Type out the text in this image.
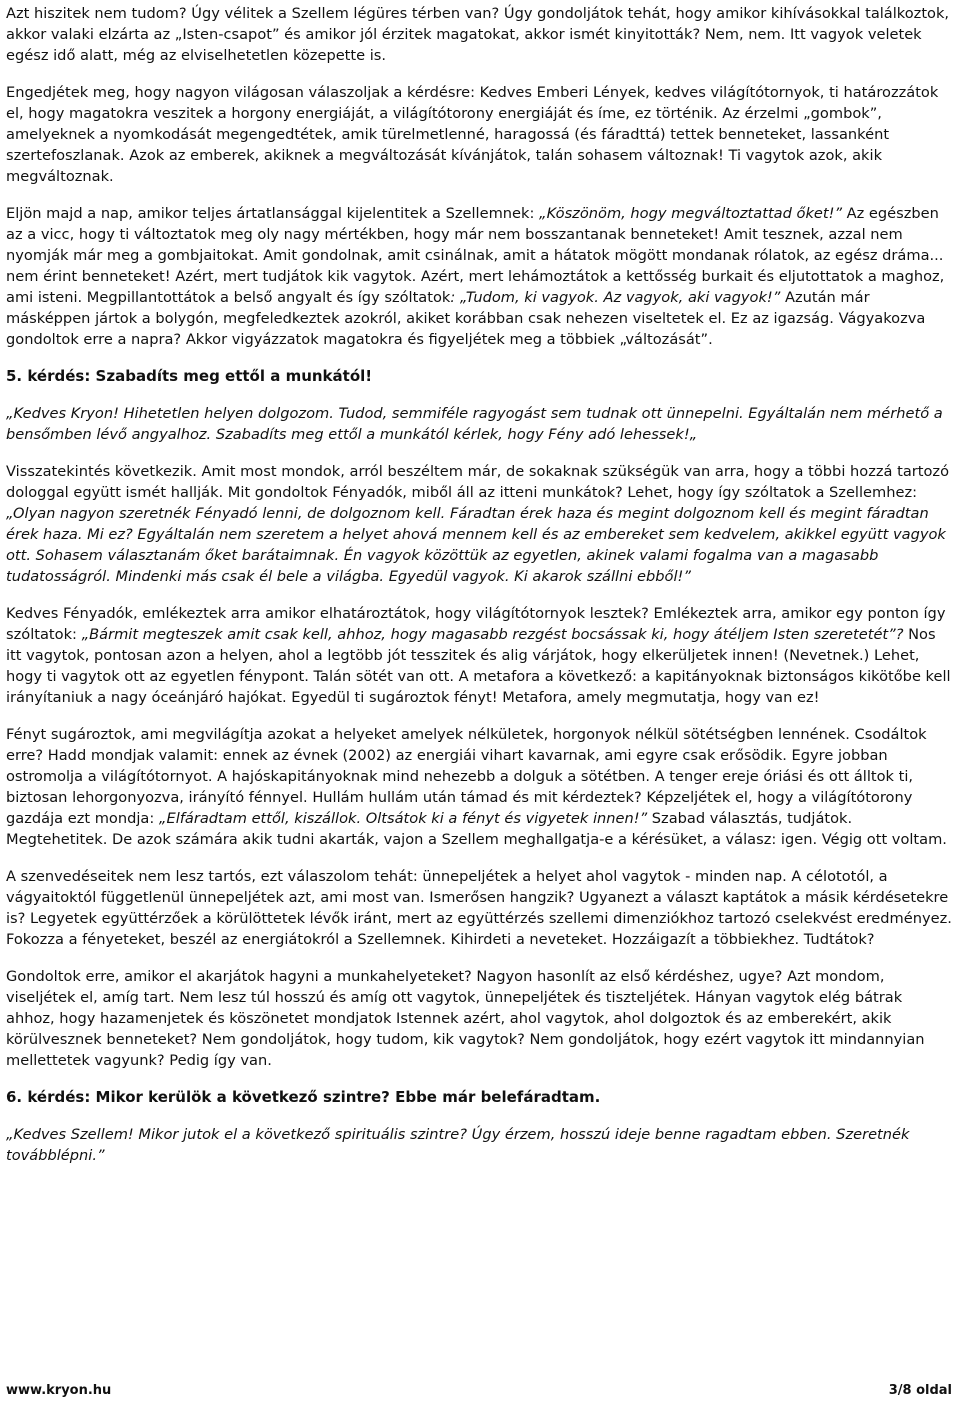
Azt hiszitek nem tudom? Úgy vélitek a Szellem légüres térben van? Úgy gondoljátok tehát, hogy amikor kihívásokkal találkoztok, akkor valaki elzárta az „Isten-csapot” és amikor jól érzitek magatokat, akkor ismét kinyitották? Nem, nem. Itt vagyok veletek egész idő alatt, még az elviselhetetlen közepette is.

Engedjétek meg, hogy nagyon világosan válaszoljak a kérdésre: Kedves Emberi Lények, kedves világítótornyok, ti határozzátok el, hogy magatokra veszitek a horgony energiáját, a világítótorony energiáját és íme, ez történik. Az érzelmi „gombok”, amelyeknek a nyomkodását megengedtétek, amik türelmetlenné, haragossá (és fáradttá) tettek benneteket, lassanként szertefoszlanak. Azok az emberek, akiknek a megváltozását kívánjátok, talán sohasem változnak! Ti vagytok azok, akik megváltoznak.

Eljön majd a nap, amikor teljes ártatlansággal kijelentitek a Szellemnek: „Köszönöm, hogy megváltoztattad őket!” Az egészben az a vicc, hogy ti változtatok meg oly nagy mértékben, hogy már nem bosszantanak benneteket! Amit tesznek, azzal nem nyomják már meg a gombjaitokat. Amit gondolnak, amit csinálnak, amit a hátatok mögött mondanak rólatok, az egész dráma... nem érint benneteket! Azért, mert tudjátok kik vagytok. Azért, mert lehámoztátok a kettősség burkait és eljutottatok a maghoz, ami isteni. Megpillantottátok a belső angyalt és így szóltatok: „Tudom, ki vagyok. Az vagyok, aki vagyok!” Azután már másképpen jártok a bolygón, megfeledkeztek azokról, akiket korábban csak nehezen viseltetek el. Ez az igazság. Vágyakozva gondoltok erre a napra? Akkor vigyázzatok magatokra és figyeljétek meg a többiek „változását”.

5. kérdés: Szabadíts meg ettől a munkától!

„Kedves Kryon! Hihetetlen helyen dolgozom. Tudod, semmiféle ragyogást sem tudnak ott ünnepelni. Egyáltalán nem mérhető a bensőmben lévő angyalhoz. Szabadíts meg ettől a munkától kérlek, hogy Fény adó lehessek!„

Visszatekintés következik. Amit most mondok, arról beszéltem már, de sokaknak szükségük van arra, hogy a többi hozzá tartozó dologgal együtt ismét hallják. Mit gondoltok Fényadók, miből áll az itteni munkátok? Lehet, hogy így szóltatok a Szellemhez: „Olyan nagyon szeretnék Fényadó lenni, de dolgoznom kell. Fáradtan érek haza és megint dolgoznom kell és megint fáradtan érek haza. Mi ez? Egyáltalán nem szeretem a helyet ahová mennem kell és az embereket sem kedvelem, akikkel együtt vagyok ott. Sohasem választanám őket barátaimnak. Én vagyok közöttük az egyetlen, akinek valami fogalma van a magasabb tudatosságról. Mindenki más csak él bele a világba. Egyedül vagyok. Ki akarok szállni ebből!”

Kedves Fényadók, emlékeztek arra amikor elhatároztátok, hogy világítótornyok lesztek? Emlékeztek arra, amikor egy ponton így szóltatok: „Bármit megteszek amit csak kell, ahhoz, hogy magasabb rezgést bocsássak ki, hogy átéljem Isten szeretetét”? Nos itt vagytok, pontosan azon a helyen, ahol a legtöbb jót tesszitek és alig várjátok, hogy elkerüljetek innen! (Nevetnek.) Lehet, hogy ti vagytok ott az egyetlen fénypont. Talán sötét van ott. A metafora a következő: a kapitányoknak biztonságos kikötőbe kell irányítaniuk a nagy óceánjáró hajókat. Egyedül ti sugároztok fényt! Metafora, amely megmutatja, hogy van ez!

Fényt sugároztok, ami megvilágítja azokat a helyeket amelyek nélkületek, horgonyok nélkül sötétségben lennének. Csodáltok erre? Hadd mondjak valamit: ennek az évnek (2002) az energiái vihart kavarnak, ami egyre csak erősödik. Egyre jobban ostromolja a világítótornyot. A hajóskapitányoknak mind nehezebb a dolguk a sötétben. A tenger ereje óriási és ott álltok ti, biztosan lehorgonyozva, irányító fénnyel. Hullám hullám után támad és mit kérdeztek? Képzeljétek el, hogy a világítótorony gazdája ezt mondja: „Elfáradtam ettől, kiszállok. Oltsátok ki a fényt és vigyetek innen!” Szabad választás, tudjátok. Megtehetitek. De azok számára akik tudni akarták, vajon a Szellem meghallgatja-e a kérésüket, a válasz: igen. Végig ott voltam.

A szenvedéseitek nem lesz tartós, ezt válaszolom tehát: ünnepeljétek a helyet ahol vagytok - minden nap. A célototól, a vágyaitoktól függetlenül ünnepeljétek azt, ami most van. Ismerősen hangzik? Ugyanezt a választ kaptátok a másik kérdésetekre is? Legyetek együttérzőek a körülöttetek lévők iránt, mert az együttérzés szellemi dimenziókhoz tartozó cselekvést eredményez. Fokozza a fényeteket, beszél az energiátokról a Szellemnek. Kihirdeti a neveteket. Hozzáigazít a többiekhez. Tudtátok?

Gondoltok erre, amikor el akarjátok hagyni a munkahelyeteket? Nagyon hasonlít az első kérdéshez, ugye? Azt mondom, viseljétek el, amíg tart. Nem lesz túl hosszú és amíg ott vagytok, ünnepeljétek és tiszteljétek. Hányan vagytok elég bátrak ahhoz, hogy hazamenjetek és köszönetet mondjatok Istennek azért, ahol vagytok, ahol dolgoztok és az emberekért, akik körülvesznek benneteket? Nem gondoljátok, hogy tudom, kik vagytok? Nem gondoljátok, hogy ezért vagytok itt mindannyian mellettetek vagyunk? Pedig így van.

6. kérdés: Mikor kerülök a következő szintre? Ebbe már belefáradtam.

„Kedves Szellem! Mikor jutok el a következő spirituális szintre? Úgy érzem, hosszú ideje benne ragadtam ebben. Szeretnék továbblépni.”

www.kryon.hu	3/8 oldal
